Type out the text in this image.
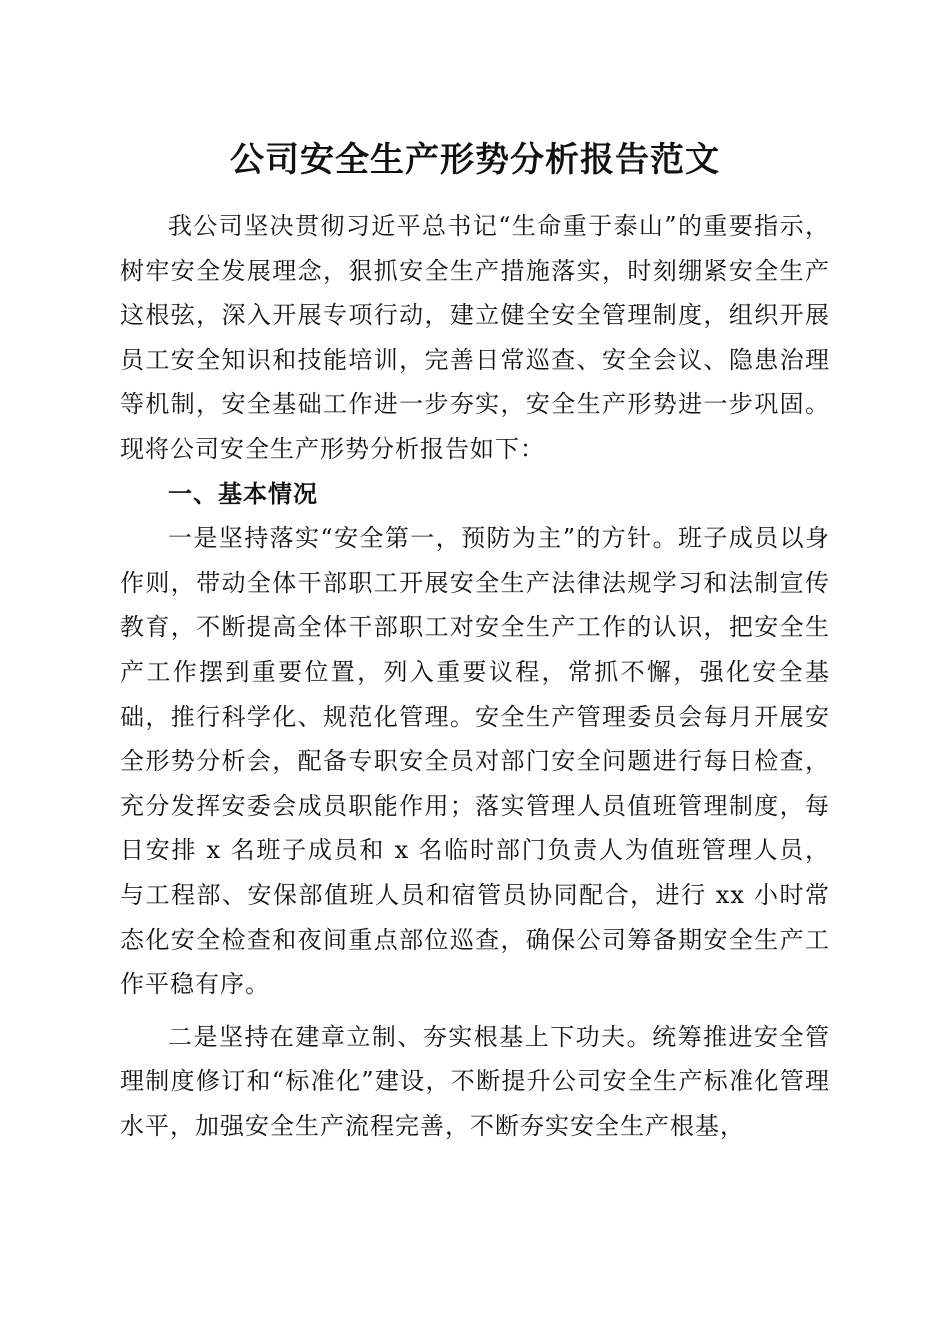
公司安全生产形势分析报告范文

我公司坚决贯彻习近平总书记“生命重于泰山”的重要指示，树牢安全发展理念，狠抓安全生产措施落实，时刻绷紧安全生产这根弦，深入开展专项行动，建立健全安全管理制度，组织开展员工安全知识和技能培训，完善日常巡查、安全会议、隐患治理等机制，安全基础工作进一步夯实，安全生产形势进一步巩固。现将公司安全生产形势分析报告如下：

一、基本情况

一是坚持落实“安全第一，预防为主”的方针。班子成员以身作则，带动全体干部职工开展安全生产法律法规学习和法制宣传教育，不断提高全体干部职工对安全生产工作的认识，把安全生产工作摆到重要位置，列入重要议程，常抓不懈，强化安全基础，推行科学化、规范化管理。安全生产管理委员会每月开展安全形势分析会，配备专职安全员对部门安全问题进行每日检查，充分发挥安委会成员职能作用；落实管理人员值班管理制度，每日安排 x 名班子成员和 x 名临时部门负责人为值班管理人员，与工程部、安保部值班人员和宿管员协同配合，进行 xx 小时常态化安全检查和夜间重点部位巡查，确保公司筹备期安全生产工作平稳有序。

二是坚持在建章立制、夯实根基上下功夫。统筹推进安全管理制度修订和“标准化”建设，不断提升公司安全生产标准化管理水平，加强安全生产流程完善，不断夯实安全生产根基，
